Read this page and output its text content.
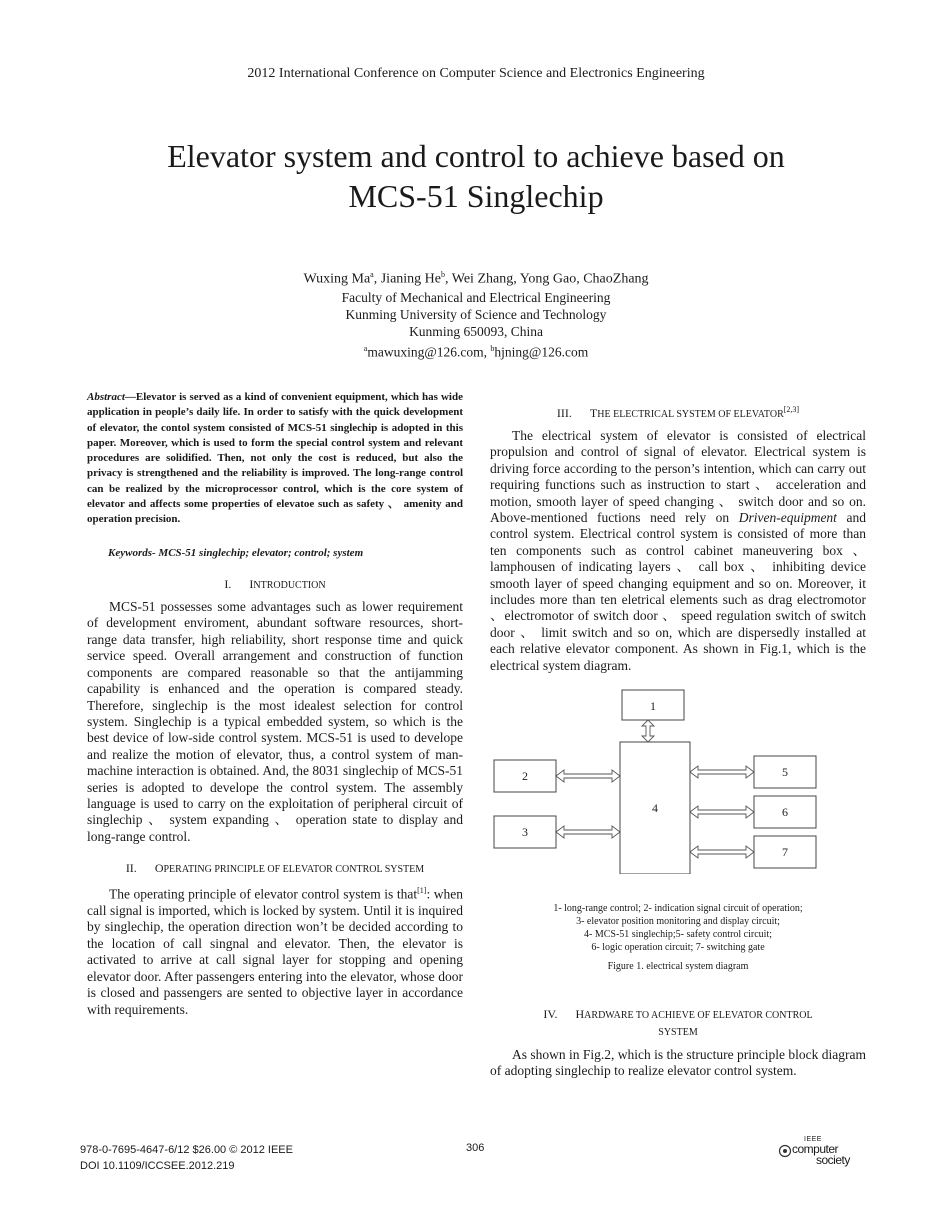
2012 International Conference on Computer Science and Electronics Engineering
Elevator system and control to achieve based on
MCS-51 Singlechip
Wuxing Ma$^a$, Jianing He$^b$, Wei Zhang, Yong Gao, ChaoZhang
Faculty of Mechanical and Electrical Engineering
Kunming University of Science and Technology
Kunming 650093, China
$^a$mawuxing@126.com, $^b$hjning@126.com

Abstract—Elevator is served as a kind of convenient equipment, which has wide application in people’s daily life. In order to satisfy with the quick development of elevator, the contol system consisted of MCS-51 singlechip is adopted in this paper. Moreover, which is used to form the special control system and relevant procedures are solidified. Then, not only the cost is reduced, but also the privacy is strengthened and the reliability is improved. The long-range control can be realized by the microprocessor control, which is the core system of elevator and affects some properties of elevatoe such as safety 、 amenity and operation precision.

Keywords- MCS-51 singlechip; elevator; control; system
I. INTRODUCTION

MCS-51 possesses some advantages such as lower requirement of development enviroment, abundant software resources, short-range data transfer, high reliability, short response time and quick service speed. Overall arrangement and construction of function components are compared reasonable so that the antijamming capability is enhanced and the operation is compared steady. Therefore, singlechip is the most idealest selection for control system. Singlechip is a typical embedded system, so which is the best device of low-side control system. MCS-51 is used to develope and realize the motion of elevator, thus, a control system of man-machine interaction is obtained. And, the 8031 singlechip of MCS-51 series is adopted to develope the control system. The assembly language is used to carry on the exploitation of peripheral circuit of singlechip 、 system expanding 、 operation state to display and long-range control.

II. OPERATING PRINCIPLE OF ELEVATOR CONTROL SYSTEM

The operating principle of elevator control system is that[1]: when call signal is imported, which is locked by system. Until it is inquired by singlechip, the operation direction won’t be decided according to the location of call singnal and elevator. Then, the elevator is activated to arrive at call signal layer for stopping and opening elevator door. After passengers entering into the elevator, whose door is closed and passengers are sented to objective layer in accordance with requirements.

III. THE ELECTRICAL SYSTEM OF ELEVATOR[2,3]

The electrical system of elevator is consisted of electrical propulsion and control of signal of elevator. Electrical system is driving force according to the person’s intention, which can carry out requiring functions such as instruction to start 、 acceleration and motion, smooth layer of speed changing 、 switch door and so on. Above-mentioned fuctions need rely on Driven-equipment and control system. Electrical control system is consisted of more than ten components such as control cabinet maneuvering box 、lamphousen of indicating layers 、 call box 、 inhibiting device smooth layer of speed changing equipment and so on. Moreover, it includes more than ten eletrical elements such as drag electromotor 、electromotor of switch door 、 speed regulation switch of switch door 、 limit switch and so on, which are dispersedly installed at each relative elevator component. As shown in Fig.1, which is the electrical system diagram.

1
2
3
4
5
6
7
1- long-range control; 2- indication signal circuit of operation;
3- elevator position monitoring and display circuit;
4- MCS-51 singlechip;5- safety control circuit;
6- logic operation circuit; 7- switching gate
Figure 1. electrical system diagram
IV. HARDWARE TO ACHIEVE OF ELEVATOR CONTROL
SYSTEM

As shown in Fig.2, which is the structure principle block diagram of adopting singlechip to realize elevator control system.

978-0-7695-4647-6/12 $26.00 © 2012 IEEE
DOI 10.1109/ICCSEE.2012.219
306
IEEE
computer
society
